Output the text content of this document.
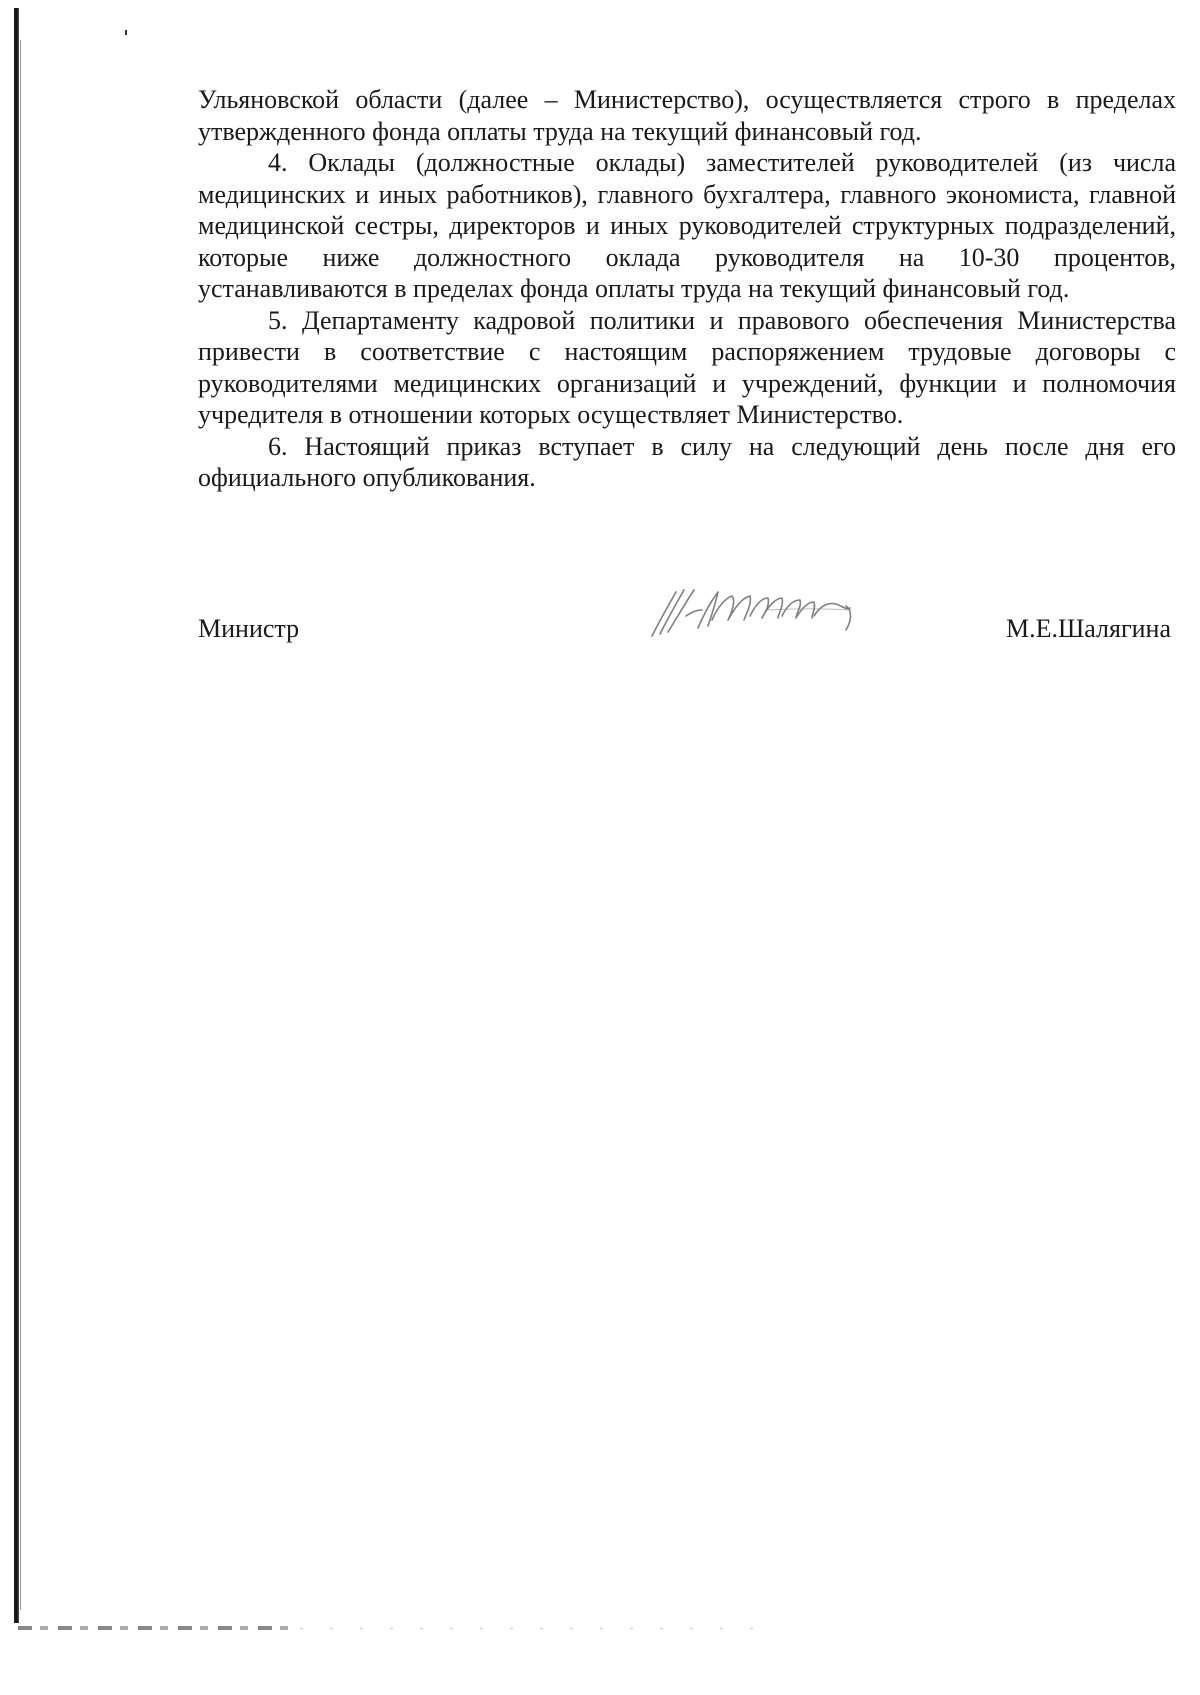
Ульяновской области (далее – Министерство), осуществляется строго в пределах утвержденного фонда оплаты труда на текущий финансовый год.

4. Оклады (должностные оклады) заместителей руководителей (из числа медицинских и иных работников), главного бухгалтера, главного экономиста, главной медицинской сестры, директоров и иных руководителей структурных подразделений, которые ниже должностного оклада руководителя на 10-30 процентов, устанавливаются в пределах фонда оплаты труда на текущий финансовый год.

5. Департаменту кадровой политики и правового обеспечения Министерства привести в соответствие с настоящим распоряжением трудовые договоры с руководителями медицинских организаций и учреждений, функции и полномочия учредителя в отношении которых осуществляет Министерство.

6. Настоящий приказ вступает в силу на следующий день после дня его официального опубликования.

Министр	М.Е.Шалягина
